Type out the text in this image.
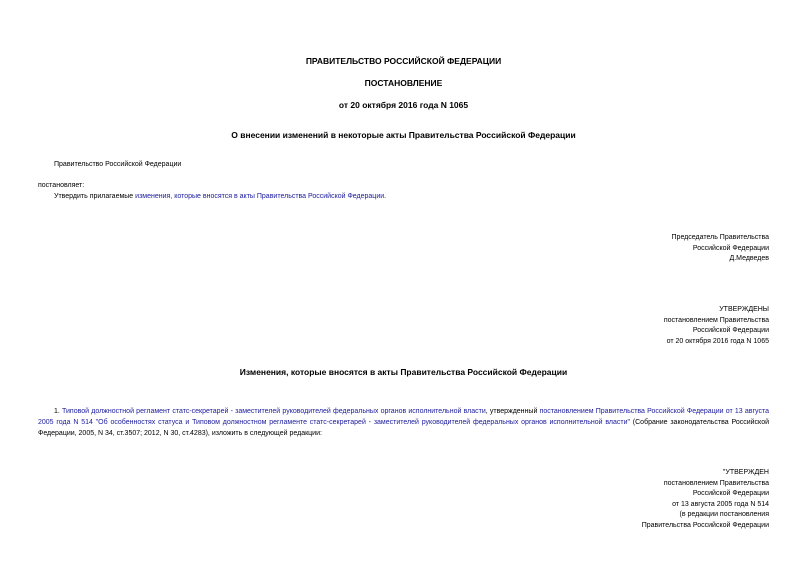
ПРАВИТЕЛЬСТВО РОССИЙСКОЙ ФЕДЕРАЦИИ
ПОСТАНОВЛЕНИЕ
от 20 октября 2016 года N 1065
О внесении изменений в некоторые акты Правительства Российской Федерации
Правительство Российской Федерации
постановляет:
Утвердить прилагаемые изменения, которые вносятся в акты Правительства Российской Федерации.
Председатель Правительства
Российской Федерации
Д.Медведев
УТВЕРЖДЕНЫ
постановлением Правительства
Российской Федерации
от 20 октября 2016 года N 1065
Изменения, которые вносятся в акты Правительства Российской Федерации
1. Типовой должностной регламент статс-секретарей - заместителей руководителей федеральных органов исполнительной власти, утвержденный постановлением Правительства Российской Федерации от 13 августа 2005 года N 514 "Об особенностях статуса и Типовом должностном регламенте статс-секретарей - заместителей руководителей федеральных органов исполнительной власти" (Собрание законодательства Российской Федерации, 2005, N 34, ст.3507; 2012, N 30, ст.4283), изложить в следующей редакции:
"УТВЕРЖДЕН
постановлением Правительства
Российской Федерации
от 13 августа 2005 года N 514
(в редакции постановления
Правительства Российской Федерации
